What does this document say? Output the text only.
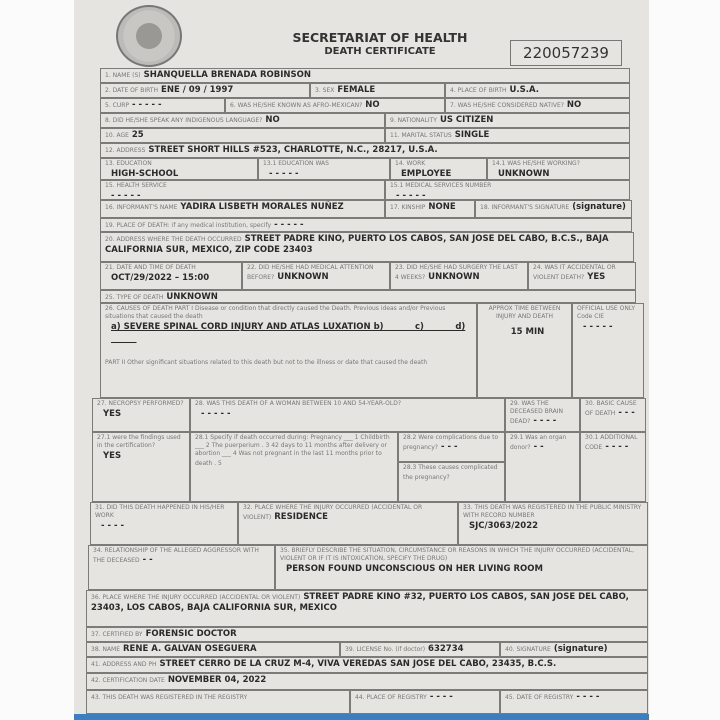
SECRETARIAT OF HEALTH
DEATH CERTIFICATE	220057239
1. NAME (S) SHANQUELLA BRENADA ROBINSON
2. DATE OF BIRTH ENE / 09 / 1997	3. SEX FEMALE	4. PLACE OF BIRTH U.S.A.
5. CURP - - - - -	6. WAS HE/SHE KNOWN AS AFRO-MEXICAN? NO	7. WAS HE/SHE CONSIDERED NATIVE? NO
8. DID HE/SHE SPEAK ANY INDIGENOUS LANGUAGE? NO	9. NATIONALITY US CITIZEN
10. AGE 25	11. MARITAL STATUS SINGLE
12. ADDRESS STREET SHORT HILLS #523, CHARLOTTE, N.C., 28217, U.S.A.
13. EDUCATION
HIGH-SCHOOL
13.1 EDUCATION WAS
- - - - -
14. WORK
EMPLOYEE
14.1 WAS HE/SHE WORKING?
UNKNOWN
15. HEALTH SERVICE
- - - - -
15.1 MEDICAL SERVICES NUMBER
- - - - -
16. INFORMANT'S NAME YADIRA LISBETH MORALES NUÑEZ	17. KINSHIP NONE	18. INFORMANT'S SIGNATURE (signature)
19. PLACE OF DEATH: if any medical institution, specify - - - - -
20. ADDRESS WHERE THE DEATH OCCURRED STREET PADRE KINO, PUERTO LOS CABOS, SAN JOSE DEL CABO, B.C.S., BAJA CALIFORNIA SUR, MEXICO, ZIP CODE 23403
21. DATE AND TIME OF DEATH
OCT/29/2022 – 15:00
22. DID HE/SHE HAD MEDICAL ATTENTION BEFORE? UNKNOWN
23. DID HE/SHE HAD SURGERY THE LAST 4 WEEKS? UNKNOWN
24. WAS IT ACCIDENTAL OR VIOLENT DEATH? YES
25. TYPE OF DEATH UNKNOWN
26. CAUSES OF DEATH PART I Disease or condition that directly caused the Death. Previous ideas and/or Previous situations that caused the death
a) SEVERE SPINAL CORD INJURY AND ATLAS LUXATION b) ______ c) ______ d) ______
PART II Other significant situations related to this death but not to the illness or date that caused the death
APPROX TIME BETWEEN INJURY AND DEATH
15 MIN
OFFICIAL USE ONLY Code CIE
- - - - -
27. NECROPSY PERFORMED?
YES
28. WAS THIS DEATH OF A WOMAN BETWEEN 10 AND 54-YEAR-OLD?
- - - - -
29. WAS THE DECEASED BRAIN DEAD? - - - -
30. BASIC CAUSE OF DEATH - - -
27.1 were the findings used in the certification?
YES
28.1 Specify if death occurred during: Pregnancy ___ 1 Childbirth ___ 2 The puerperium . 3 42 days to 11 months after delivery or abortion ___ 4 Was not pregnant in the last 11 months prior to death . 5
28.2 Were complications due to pregnancy? - - -
28.3 These causes complicated the pregnancy?
29.1 Was an organ donor? - -
30.1 ADDITIONAL CODE - - - -
31. DID THIS DEATH HAPPENED IN HIS/HER WORK
- - - -
32. PLACE WHERE THE INJURY OCCURRED (ACCIDENTAL OR VIOLENT) RESIDENCE
33. THIS DEATH WAS REGISTERED IN THE PUBLIC MINISTRY WITH RECORD NUMBER
SJC/3063/2022
34. RELATIONSHIP OF THE ALLEGED AGGRESSOR WITH THE DECEASED - -
35. BRIEFLY DESCRIBE THE SITUATION, CIRCUMSTANCE OR REASONS IN WHICH THE INJURY OCCURRED (ACCIDENTAL, VIOLENT OR IF IT IS INTOXICATION, SPECIFY THE DRUG)
PERSON FOUND UNCONSCIOUS ON HER LIVING ROOM
36. PLACE WHERE THE INJURY OCCURRED (ACCIDENTAL OR VIOLENT) STREET PADRE KINO #32, PUERTO LOS CABOS, SAN JOSE DEL CABO, 23403, LOS CABOS, BAJA CALIFORNIA SUR, MEXICO
37. CERTIFIED BY FORENSIC DOCTOR
38. NAME RENE A. GALVAN OSEGUERA	39. LICENSE No. (if doctor) 632734	40. SIGNATURE (signature)
41. ADDRESS AND PH STREET CERRO DE LA CRUZ M-4, VIVA VEREDAS SAN JOSE DEL CABO, 23435, B.C.S.
42. CERTIFICATION DATE NOVEMBER 04, 2022
43. THIS DEATH WAS REGISTERED IN THE REGISTRY	44. PLACE OF REGISTRY - - - -	45. DATE OF REGISTRY - - - -
